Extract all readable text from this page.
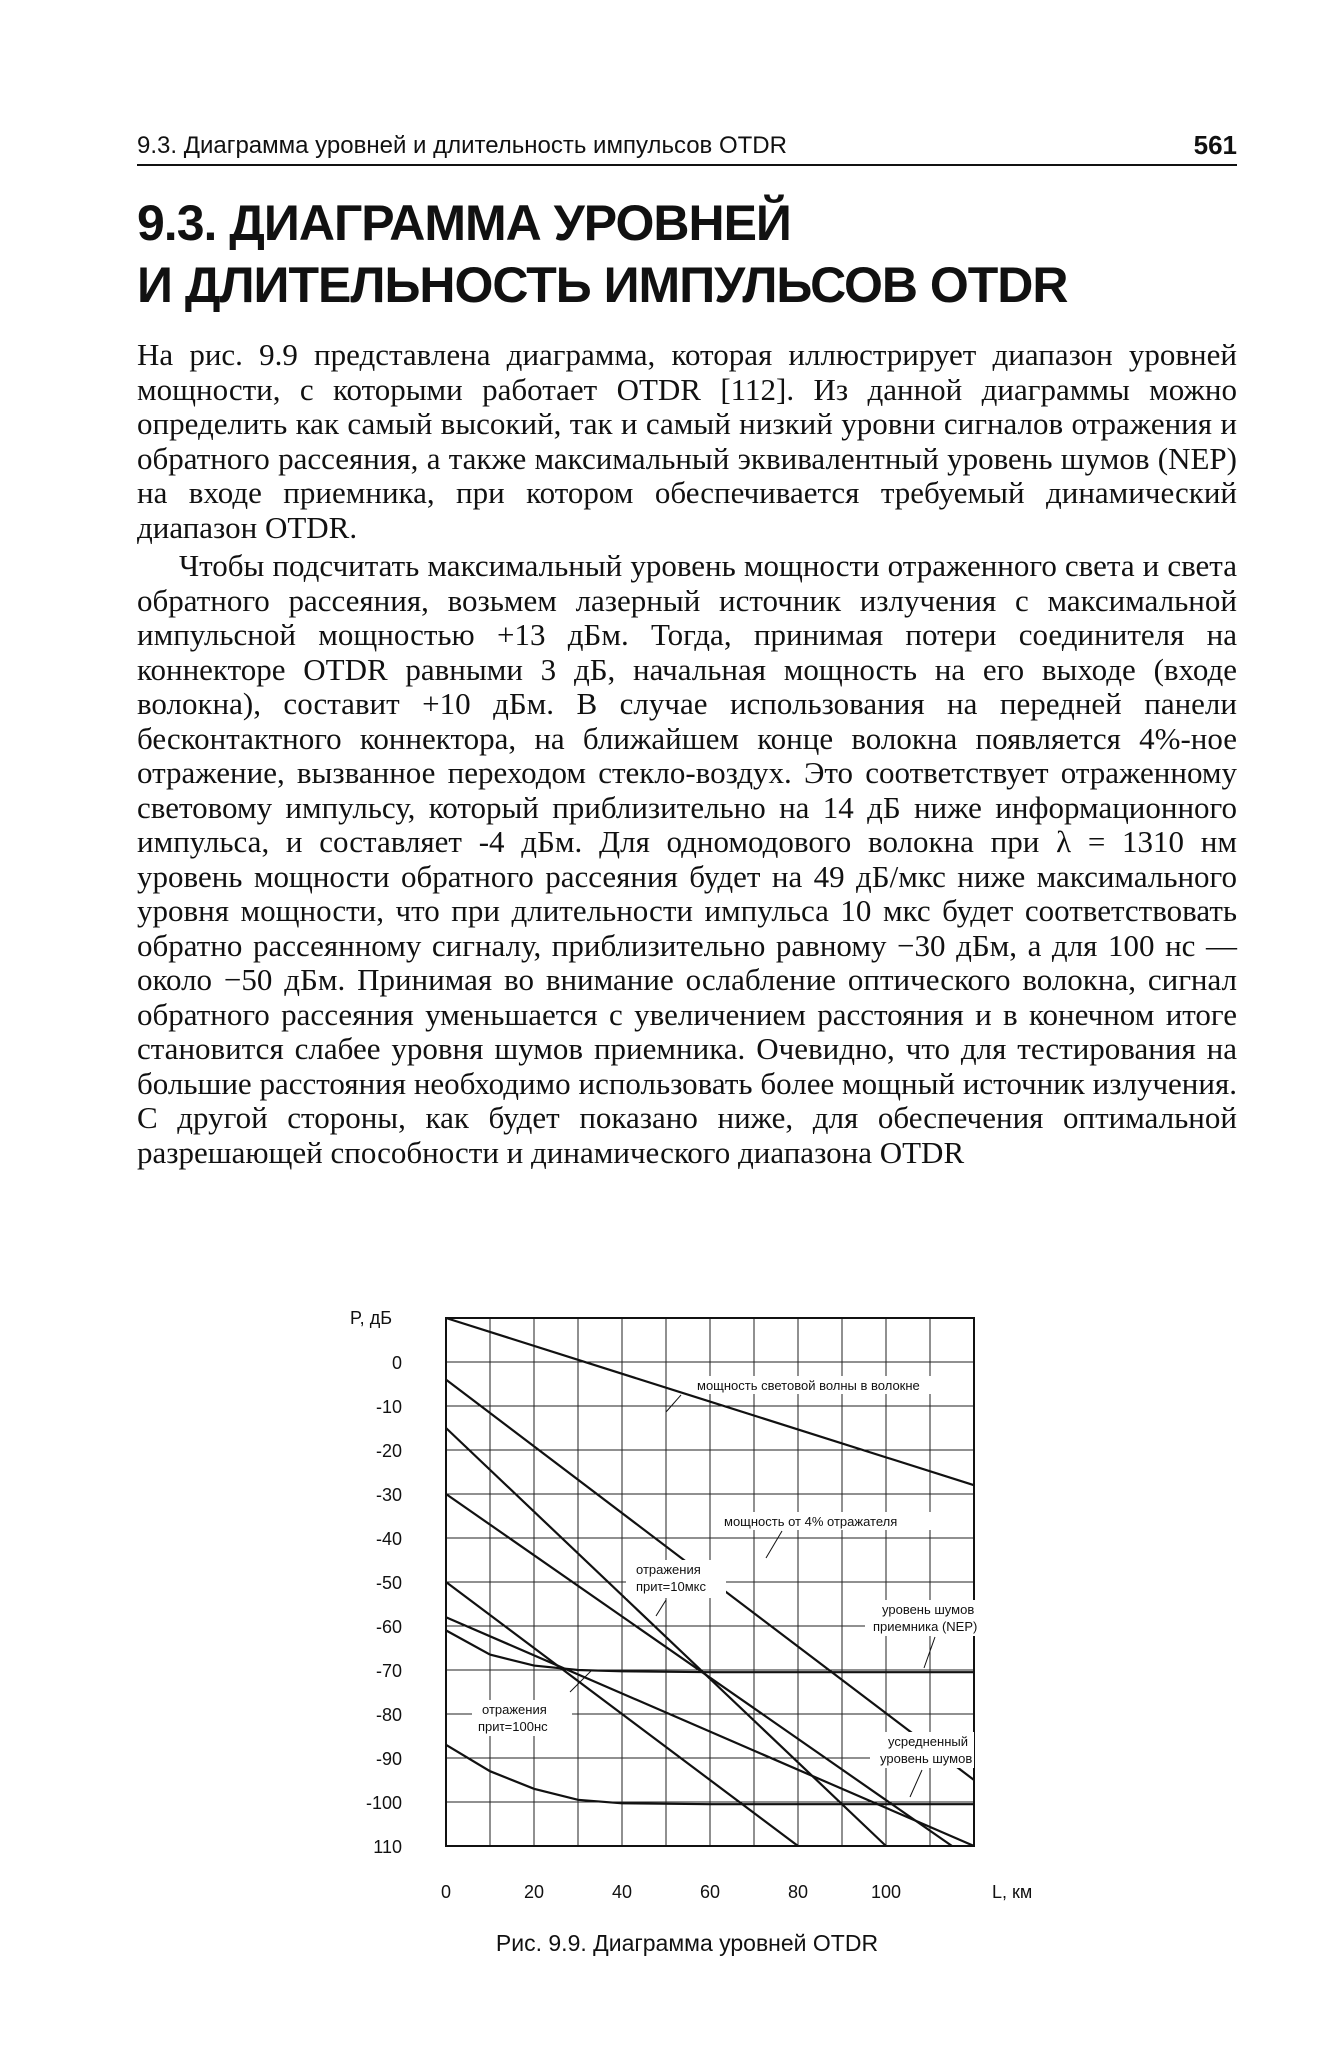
9.3. Диаграмма уровней и длительность импульсов OTDR	561
9.3. ДИАГРАММА УРОВНЕЙ
И ДЛИТЕЛЬНОСТЬ ИМПУЛЬСОВ OTDR

На рис. 9.9 представлена диаграмма, которая иллюстрирует диапазон уровней мощности, с которыми работает OTDR [112]. Из данной диаграммы можно определить как самый высокий, так и самый низкий уровни сигналов отражения и обратного рассеяния, а также максимальный эквивалентный уровень шумов (NEP) на входе приемника, при котором обеспечивается требуемый динамический диапазон OTDR.

Чтобы подсчитать максимальный уровень мощности отраженного света и света обратного рассеяния, возьмем лазерный источник излучения с максимальной импульсной мощностью +13 дБм. Тогда, принимая потери соединителя на коннекторе OTDR равными 3 дБ, начальная мощность на его выходе (входе волокна), составит +10 дБм. В случае использования на передней панели бесконтактного коннектора, на ближайшем конце волокна появляется 4%-ное отражение, вызванное переходом стекло-воздух. Это соответствует отраженному световому импульсу, который приблизительно на 14 дБ ниже информационного импульса, и составляет -4 дБм. Для одномодового волокна при λ = 1310 нм уровень мощности обратного рассеяния будет на 49 дБ/мкс ниже максимального уровня мощности, что при длительности импульса 10 мкс будет соответствовать обратно рассеянному сигналу, приблизительно равному −30 дБм, а для 100 нс — около −50 дБм. Принимая во внимание ослабление оптического волокна, сигнал обратного рассеяния уменьшается с увеличением расстояния и в конечном итоге становится слабее уровня шумов приемника. Очевидно, что для тестирования на большие расстояния необходимо использовать более мощный источник излучения. С другой стороны, как будет показано ниже, для обеспечения оптимальной разрешающей способности и динамического диапазона OTDR

мощность световой волны в волокне
мощность от 4% отражателя
отражения
приτ=10мкс
уровень шумов
приемника (NEP)
отражения
приτ=100нс
усредненный
уровень шумов
P, дБ
L, км
0
-10
-20
-30
-40
-50
-60
-70
-80
-90
-100
110
0	20	40	60	80	100
Рис. 9.9. Диаграмма уровней OTDR
